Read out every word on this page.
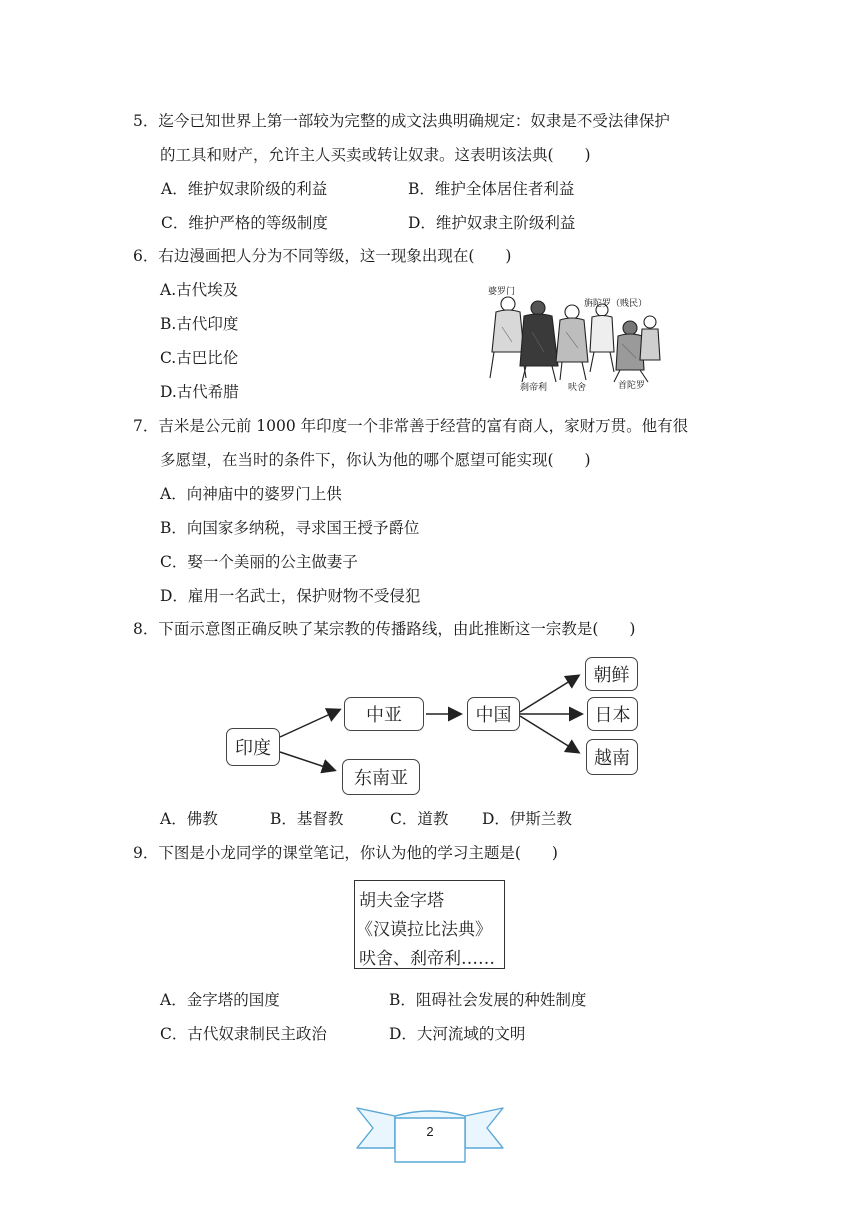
5．迄今已知世界上第一部较为完整的成文法典明确规定：奴隶是不受法律保护
的工具和财产，允许主人买卖或转让奴隶。这表明该法典(　　)
A．维护奴隶阶级的利益	B．维护全体居住者利益
C．维护严格的等级制度	D．维护奴隶主阶级利益
6．右边漫画把人分为不同等级，这一现象出现在(　　)
A.古代埃及
B.古代印度
C.古巴比伦
D.古代希腊
婆罗门
旃陀罗（贱民）
刹帝利 吠舍	首陀罗
7．吉米是公元前 1000 年印度一个非常善于经营的富有商人，家财万贯。他有很
多愿望，在当时的条件下，你认为他的哪个愿望可能实现(　　)
A．向神庙中的婆罗门上供
B．向国家多纳税，寻求国王授予爵位
C．娶一个美丽的公主做妻子
D．雇用一名武士，保护财物不受侵犯
8．下面示意图正确反映了某宗教的传播路线，由此推断这一宗教是(　　)
印度
中亚
东南亚
中国
朝鲜
日本
越南
A．佛教	B．基督教	C．道教 D．伊斯兰教
9．下图是小龙同学的课堂笔记，你认为他的学习主题是(　　)
胡夫金字塔
《汉谟拉比法典》
吠舍、刹帝利……
A．金字塔的国度	B．阻碍社会发展的种姓制度
C．古代奴隶制民主政治	D．大河流域的文明
2
